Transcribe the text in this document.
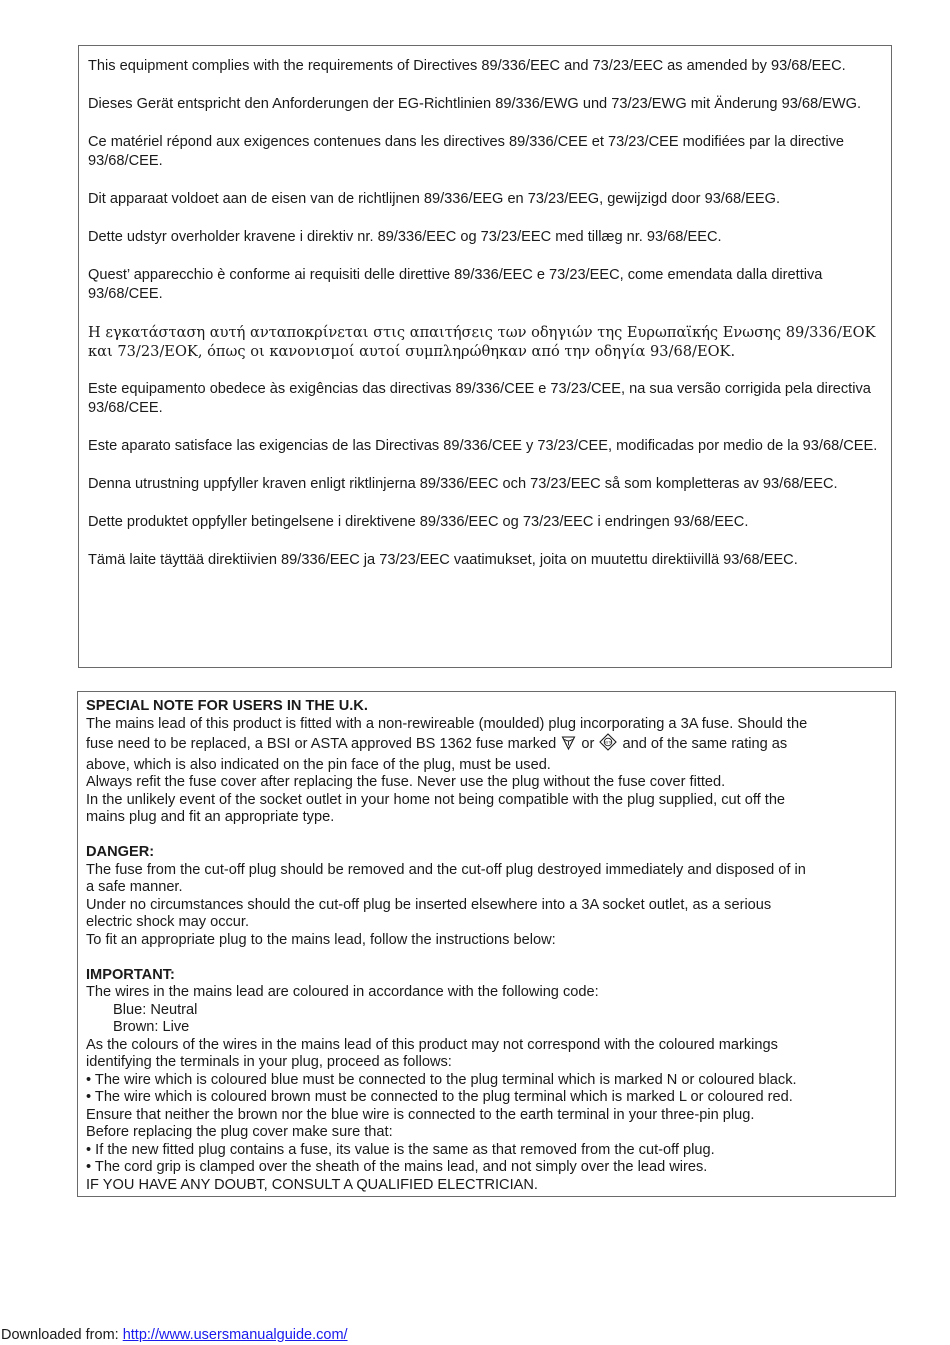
This equipment complies with the requirements of Directives 89/336/EEC and 73/23/EEC as amended by 93/68/EEC.

Dieses Gerät entspricht den Anforderungen der EG-Richtlinien 89/336/EWG und 73/23/EWG mit Änderung 93/68/EWG.

Ce matériel répond aux exigences contenues dans les directives 89/336/CEE et 73/23/CEE modifiées par la directive 93/68/CEE.

Dit apparaat voldoet aan de eisen van de richtlijnen 89/336/EEG en 73/23/EEG, gewijzigd door 93/68/EEG.

Dette udstyr overholder kravene i direktiv nr. 89/336/EEC og 73/23/EEC med tillæg nr. 93/68/EEC.

Quest’ apparecchio è conforme ai requisiti delle direttive 89/336/EEC e 73/23/EEC, come emendata dalla direttiva 93/68/CEE.

Η εγκατάσταση αυτή ανταποκρίνεται στις απαιτήσεις των οδηγιών της Ευρωπαϊκής Ενωσης 89/336/ΕΟΚ και 73/23/ΕΟΚ, όπως οι κανονισμοί αυτοί συμπληρώθηκαν από την οδηγία 93/68/ΕΟΚ.

Este equipamento obedece às exigências das directivas 89/336/CEE e 73/23/CEE, na sua versão corrigida pela directiva 93/68/CEE.

Este aparato satisface las exigencias de las Directivas 89/336/CEE y 73/23/CEE, modificadas por medio de la 93/68/CEE.

Denna utrustning uppfyller kraven enligt riktlinjerna 89/336/EEC och 73/23/EEC så som kompletteras av 93/68/EEC.

Dette produktet oppfyller betingelsene i direktivene 89/336/EEC og 73/23/EEC i endringen 93/68/EEC.

Tämä laite täyttää direktiivien 89/336/EEC ja 73/23/EEC vaatimukset, joita on muutettu direktiivillä 93/68/EEC.

SPECIAL NOTE FOR USERS IN THE U.K.
The mains lead of this product is fitted with a non-rewireable (moulded) plug incorporating a 3A fuse. Should the
fuse need to be replaced, a BSI or ASTA approved BS 1362 fuse marked or	ASTA and of the same rating as
above, which is also indicated on the pin face of the plug, must be used.
Always refit the fuse cover after replacing the fuse. Never use the plug without the fuse cover fitted.
In the unlikely event of the socket outlet in your home not being compatible with the plug supplied, cut off the
mains plug and fit an appropriate type.
DANGER:
The fuse from the cut-off plug should be removed and the cut-off plug destroyed immediately and disposed of in
a safe manner.
Under no circumstances should the cut-off plug be inserted elsewhere into a 3A socket outlet, as a serious
electric shock may occur.
To fit an appropriate plug to the mains lead, follow the instructions below:
IMPORTANT:
The wires in the mains lead are coloured in accordance with the following code:
Blue: Neutral
Brown: Live
As the colours of the wires in the mains lead of this product may not correspond with the coloured markings
identifying the terminals in your plug, proceed as follows:
• The wire which is coloured blue must be connected to the plug terminal which is marked N or coloured black.
• The wire which is coloured brown must be connected to the plug terminal which is marked L or coloured red.
Ensure that neither the brown nor the blue wire is connected to the earth terminal in your three-pin plug.
Before replacing the plug cover make sure that:
• If the new fitted plug contains a fuse, its value is the same as that removed from the cut-off plug.
• The cord grip is clamped over the sheath of the mains lead, and not simply over the lead wires.
IF YOU HAVE ANY DOUBT, CONSULT A QUALIFIED ELECTRICIAN.
Downloaded from: http://www.usersmanualguide.com/
